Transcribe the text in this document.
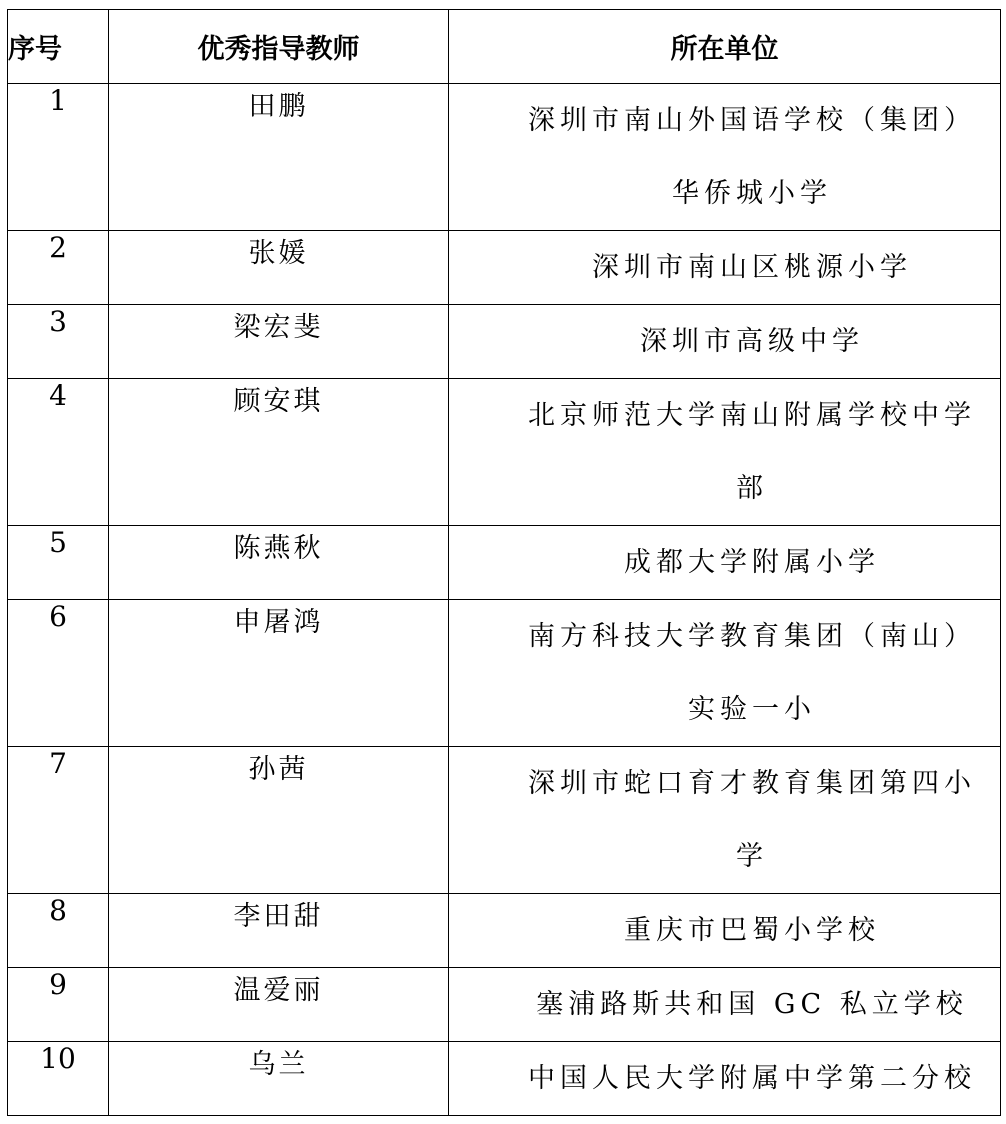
序号	优秀指导教师	所在单位
1	田鹏	深圳市南山外国语学校（集团）华侨城小学
2	张媛	深圳市南山区桃源小学
3	梁宏斐	深圳市高级中学
4	顾安琪	北京师范大学南山附属学校中学部
5	陈燕秋	成都大学附属小学
6	申屠鸿	南方科技大学教育集团（南山）实验一小
7	孙茜	深圳市蛇口育才教育集团第四小学
8	李田甜	重庆市巴蜀小学校
9	温爱丽	塞浦路斯共和国 GC 私立学校
10	乌兰	中国人民大学附属中学第二分校
